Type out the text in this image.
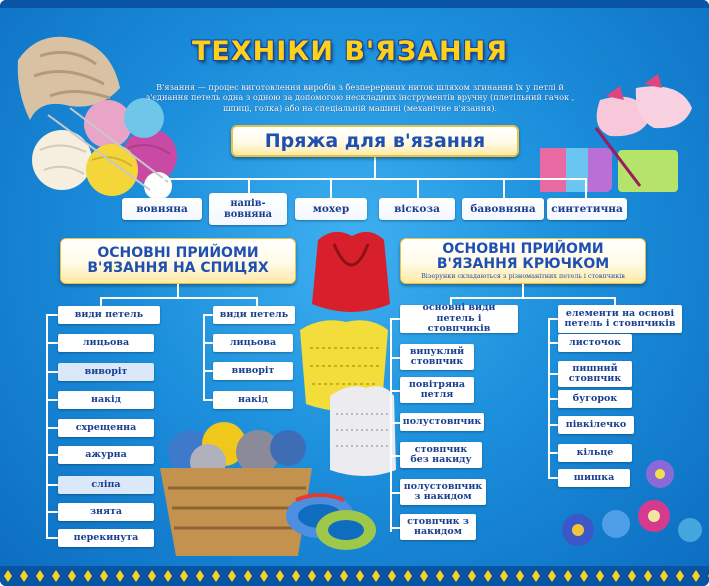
ТЕХНІКИ В'ЯЗАННЯ
В'язання — процес виготовлення виробів з безперервних ниток шляхом згинання їх у петлі й з'єднання петель одна з одною за допомогою нескладних інструментів вручну (плетільний гачок , шпиці, голка) або на спеціальній машині (механічне в'язання).
Пряжа для в'язання
вовняна	напів-вовняна	мохер	віскоза	бавовняна синтетична
ОСНОВНІ ПРИЙОМИ
В'ЯЗАННЯ НА СПИЦЯХ
види петель
лицьова
виворіт
накід
схрещенна
ажурна
сліпа
знята
перекинута
види петель
лицьова
виворіт
накід
ОСНОВНІ ПРИЙОМИ
В'ЯЗАННЯ КРЮЧКОМ
Візерунки складаються з різноманітних петель і стовпчиків
основні види петель і стовпчиків
випуклий стовпчик
повітряна петля
полустовпчик
стовпчик без накиду
полустовпчик з накидом
стовпчик з накидом
елементи на основі петель і стовпчиків
листочок
пишний стовпчик
бугорок
півкілечко
кільце
шишка
